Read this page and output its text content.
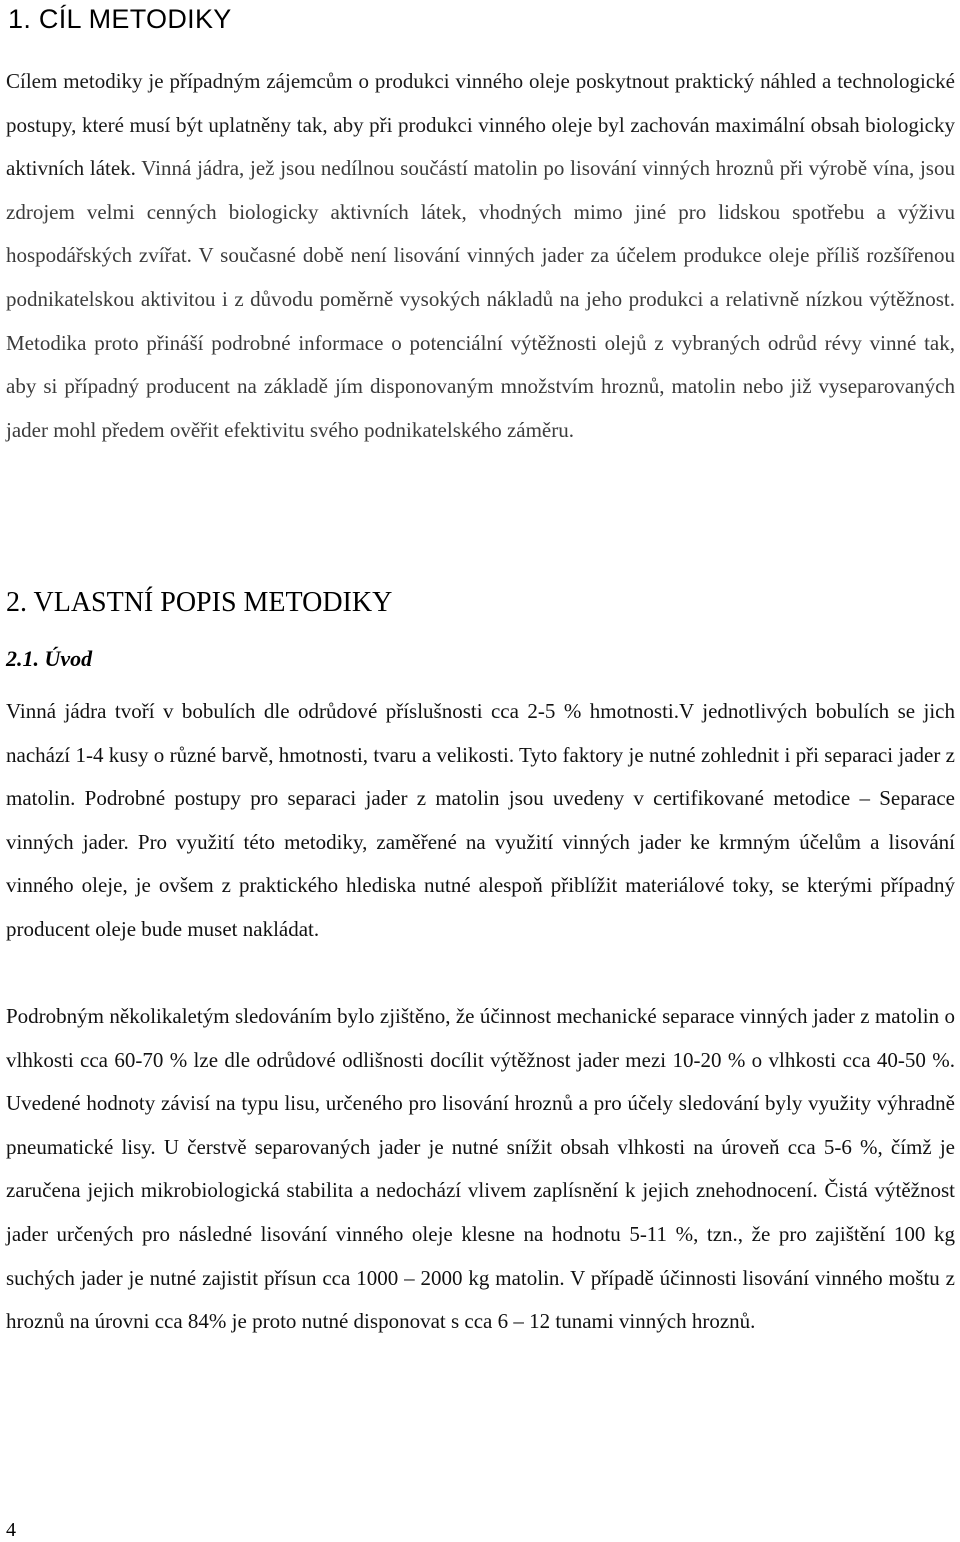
1. CÍL METODIKY

Cílem metodiky je případným zájemcům o produkci vinného oleje poskytnout praktický náhled a technologické postupy, které musí být uplatněny tak, aby při produkci vinného oleje byl zachován maximální obsah biologicky aktivních látek. Vinná jádra, jež jsou nedílnou součástí matolin po lisování vinných hroznů při výrobě vína, jsou zdrojem velmi cenných biologicky aktivních látek, vhodných mimo jiné pro lidskou spotřebu a výživu hospodářských zvířat. V současné době není lisování vinných jader za účelem produkce oleje příliš rozšířenou podnikatelskou aktivitou i z důvodu poměrně vysokých nákladů na jeho produkci a relativně nízkou výtěžnost. Metodika proto přináší podrobné informace o potenciální výtěžnosti olejů z vybraných odrůd révy vinné tak, aby si případný producent na základě jím disponovaným množstvím hroznů, matolin nebo již vyseparovaných jader mohl předem ověřit efektivitu svého podnikatelského záměru.

2. VLASTNÍ POPIS METODIKY
2.1. Úvod

Vinná jádra tvoří v bobulích dle odrůdové příslušnosti cca 2-5 % hmotnosti.V jednotlivých bobulích se jich nachází 1-4 kusy o různé barvě, hmotnosti, tvaru a velikosti. Tyto faktory je nutné zohlednit i při separaci jader z matolin. Podrobné postupy pro separaci jader z matolin jsou uvedeny v certifikované metodice – Separace vinných jader. Pro využití této metodiky, zaměřené na využití vinných jader ke krmným účelům a lisování vinného oleje, je ovšem z praktického hlediska nutné alespoň přiblížit materiálové toky, se kterými případný producent oleje bude muset nakládat.

Podrobným několikaletým sledováním bylo zjištěno, že účinnost mechanické separace vinných jader z matolin o vlhkosti cca 60-70 % lze dle odrůdové odlišnosti docílit výtěžnost jader mezi 10-20 % o vlhkosti cca 40-50 %. Uvedené hodnoty závisí na typu lisu, určeného pro lisování hroznů a pro účely sledování byly využity výhradně pneumatické lisy. U čerstvě separovaných jader je nutné snížit obsah vlhkosti na úroveň cca 5-6 %, čímž je zaručena jejich mikrobiologická stabilita a nedochází vlivem zaplísnění k jejich znehodnocení. Čistá výtěžnost jader určených pro následné lisování vinného oleje klesne na hodnotu 5-11 %, tzn., že pro zajištění 100 kg suchých jader je nutné zajistit přísun cca 1000 – 2000 kg matolin. V případě účinnosti lisování vinného moštu z hroznů na úrovni cca 84% je proto nutné disponovat s cca 6 – 12 tunami vinných hroznů.

4
